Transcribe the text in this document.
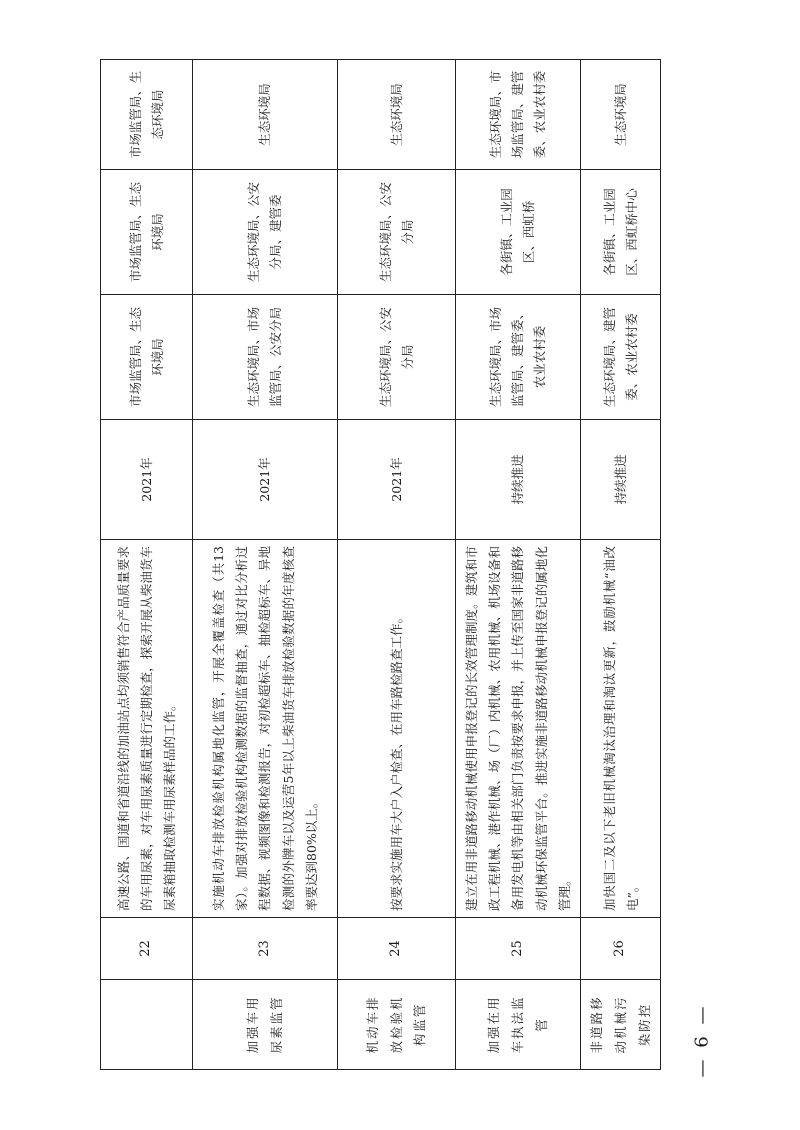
	22	高速公路、国道和省道沿线的加油站点均须销售符合产品质量要求的车用尿素，对车用尿素质量进行定期检查，探索开展从柴油货车尿素箱抽取检测车用尿素样品的工作。	2021年	市场监管局、生态环境局	市场监管局、生态环境局	市场监管局、生态环境局
加强车用尿素监管	23	实施机动车排放检验机构属地化监管，开展全覆盖检查（共13家）。加强对排放检验机构检测数据的监督抽查，通过对比分析过程数据、视频图像和检测报告，对初检超标车、抽检超标车、异地检测的外牌车以及运营5年以上柴油货车排放检验数据的年度核查率要达到80%以上。	2021年	生态环境局、市场监管局、公安分局	生态环境局、公安分局、建管委	生态环境局
机动车排放检验机构监管	24	按要求实施用车大户入户检查、在用车路检路查工作。	2021年	生态环境局、公安分局	生态环境局、公安分局	生态环境局
加强在用车执法监管	25	建立在用非道路移动机械使用申报登记的长效管理制度。建筑和市政工程机械、港作机械、场（厂）内机械、农用机械、机场设备和备用发电机等由相关部门负责按要求申报，并上传至国家非道路移动机械环保监管平台。推进实施非道路移动机械申报登记的属地化管理。	持续推进	生态环境局、市场监管局、建管委、农业农村委	各街镇、工业园区、西虹桥	生态环境局、市场监管局、建管委、农业农村委
非道路移动机械污染防控	26	加快国二及以下老旧机械淘汰治理和淘汰更新，鼓励机械“油改电”。	持续推进	生态环境局、建管委、农业农村委	各街镇、工业园区、西虹桥中心	生态环境局
— 6 —
